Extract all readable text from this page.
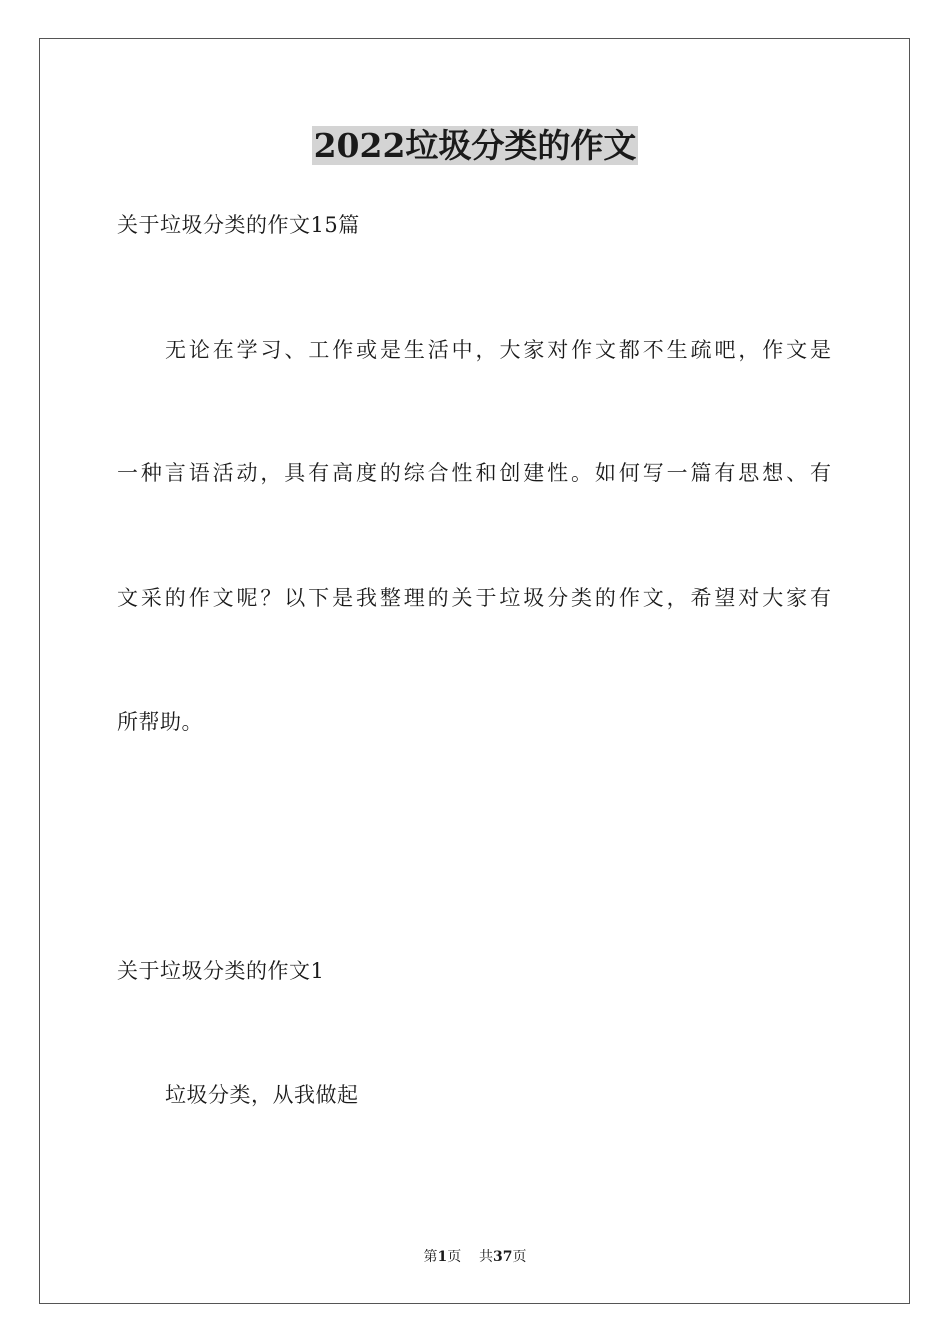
2022垃圾分类的作文
关于垃圾分类的作文15篇
无论在学习、工作或是生活中，大家对作文都不生疏吧，作文是
一种言语活动，具有高度的综合性和创建性。如何写一篇有思想、有
文采的作文呢？以下是我整理的关于垃圾分类的作文，希望对大家有
所帮助。
关于垃圾分类的作文1
垃圾分类，从我做起
第1页 共37页
